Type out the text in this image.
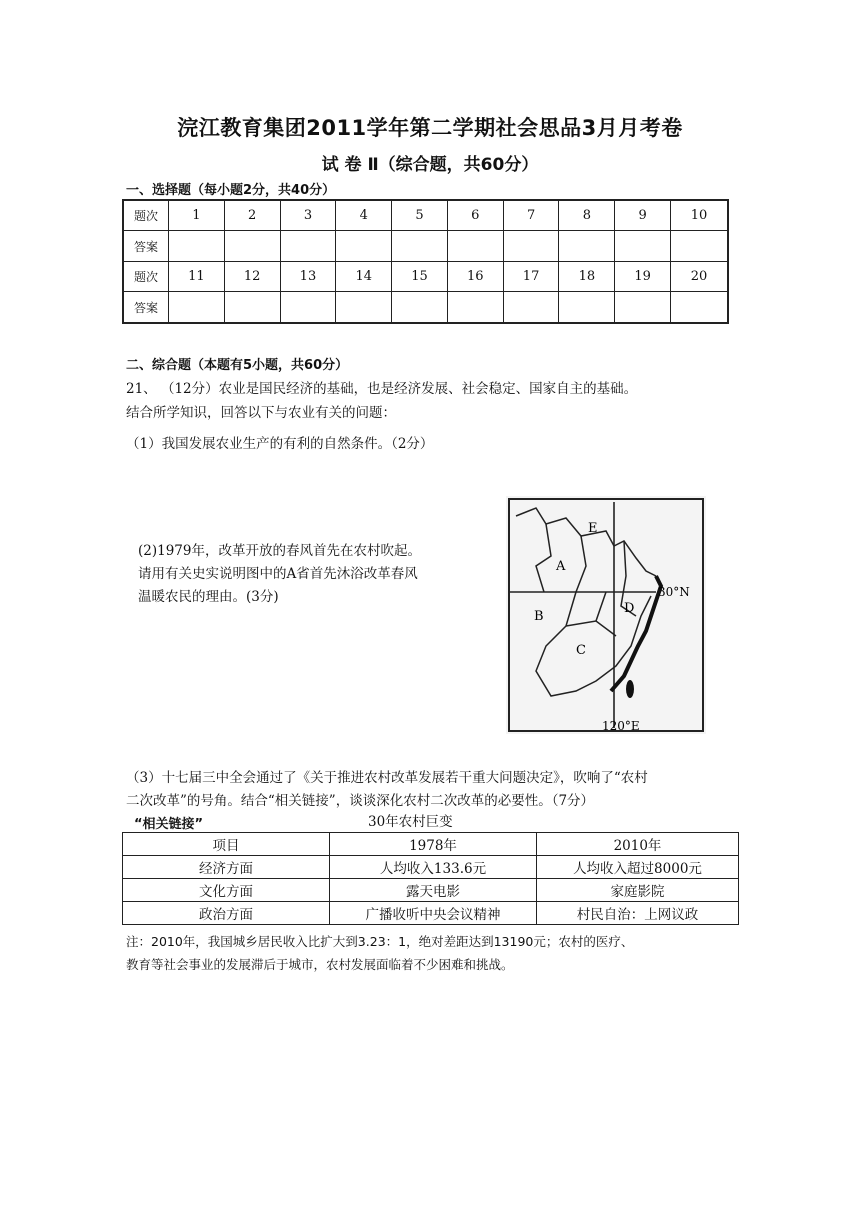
浣江教育集团2011学年第二学期社会思品3月月考卷
试 卷 Ⅱ（综合题，共60分）
一、选择题（每小题2分，共40分）
题次	1	2	3	4	5	6	7	8	9	10
答案										
题次	11	12	13	14	15	16	17	18	19	20
答案										
二、综合题（本题有5小题，共60分）
21、 （12分）农业是国民经济的基础，也是经济发展、社会稳定、国家自主的基础。
结合所学知识，回答以下与农业有关的问题：
（1）我国发展农业生产的有利的自然条件。（2分）
(2)1979年，改革开放的春风首先在农村吹起。
请用有关史实说明图中的A省首先沐浴改革春风
温暖农民的理由。(3分)
E
A
B
D
C
30°N
120°E
（3）十七届三中全会通过了《关于推进农村改革发展若干重大问题决定》，吹响了“农村
二次改革”的号角。结合“相关链接”，谈谈深化农村二次改革的必要性。（7分）
“相关链接”	30年农村巨变
项目	1978年	2010年
经济方面	人均收入133.6元	人均收入超过8000元
文化方面	露天电影	家庭影院
政治方面	广播收听中央会议精神	村民自治：上网议政
注：2010年，我国城乡居民收入比扩大到3.23：1，绝对差距达到13190元；农村的医疗、
教育等社会事业的发展滞后于城市，农村发展面临着不少困难和挑战。
